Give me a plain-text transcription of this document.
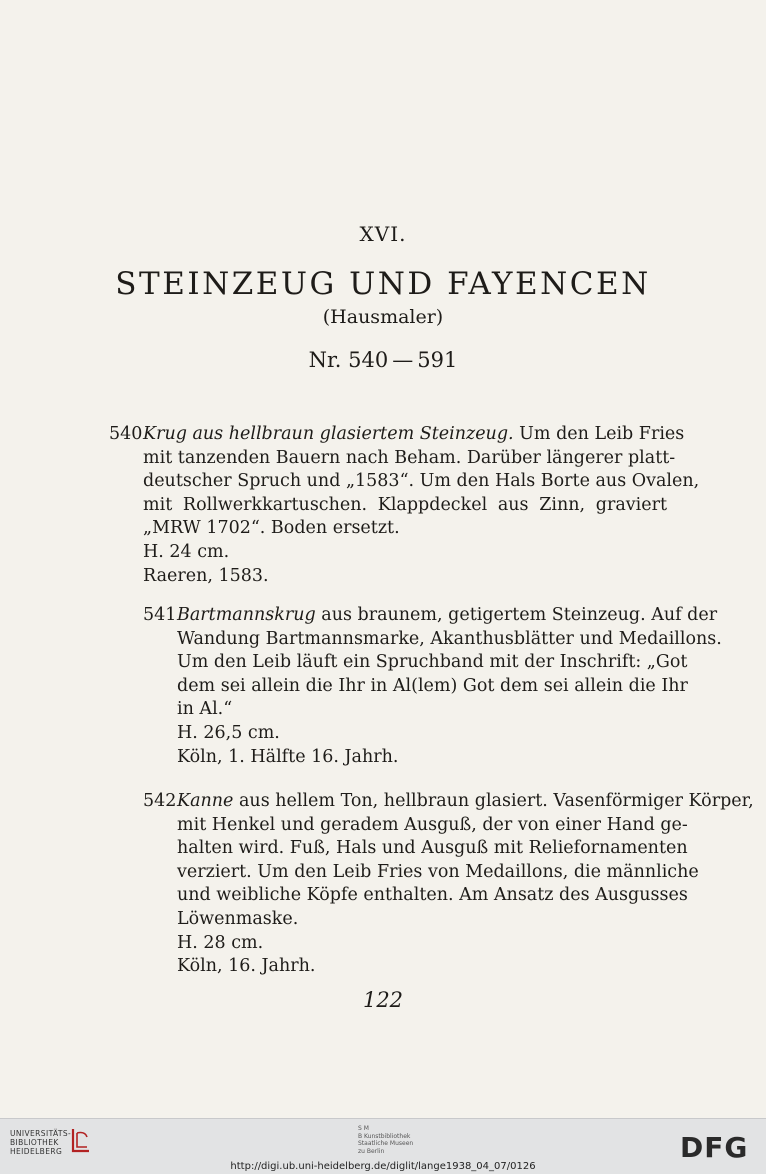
XVI.
STEINZEUG UND FAYENCEN
(Hausmaler)
Nr. 540 — 591
540Krug aus hellbraun glasiertem Steinzeug. Um den Leib Fries
mit tanzenden Bauern nach Beham. Darüber längerer platt-
deutscher Spruch und „1583“. Um den Hals Borte aus Ovalen,
mit Rollwerkkartuschen. Klappdeckel aus Zinn, graviert
„MRW 1702“. Boden ersetzt.
H. 24 cm.
Raeren, 1583.
541Bartmannskrug aus braunem, getigertem Steinzeug. Auf der
Wandung Bartmannsmarke, Akanthusblätter und Medaillons.
Um den Leib läuft ein Spruchband mit der Inschrift: „Got
dem sei allein die Ihr in Al(lem) Got dem sei allein die Ihr
in Al.“
H. 26,5 cm.
Köln, 1. Hälfte 16. Jahrh.
542Kanne aus hellem Ton, hellbraun glasiert. Vasenförmiger Körper,
mit Henkel und geradem Ausguß, der von einer Hand ge-
halten wird. Fuß, Hals und Ausguß mit Reliefornamenten
verziert. Um den Leib Fries von Medaillons, die männliche
und weibliche Köpfe enthalten. Am Ansatz des Ausgusses
Löwenmaske.
H. 28 cm.
Köln, 16. Jahrh.
122
UNIVERSITÄTS-
BIBLIOTHEK
HEIDELBERG
S M
B Kunstbibliothek
Staatliche Museen
zu Berlin	DFG
http://digi.ub.uni-heidelberg.de/diglit/lange1938_04_07/0126
